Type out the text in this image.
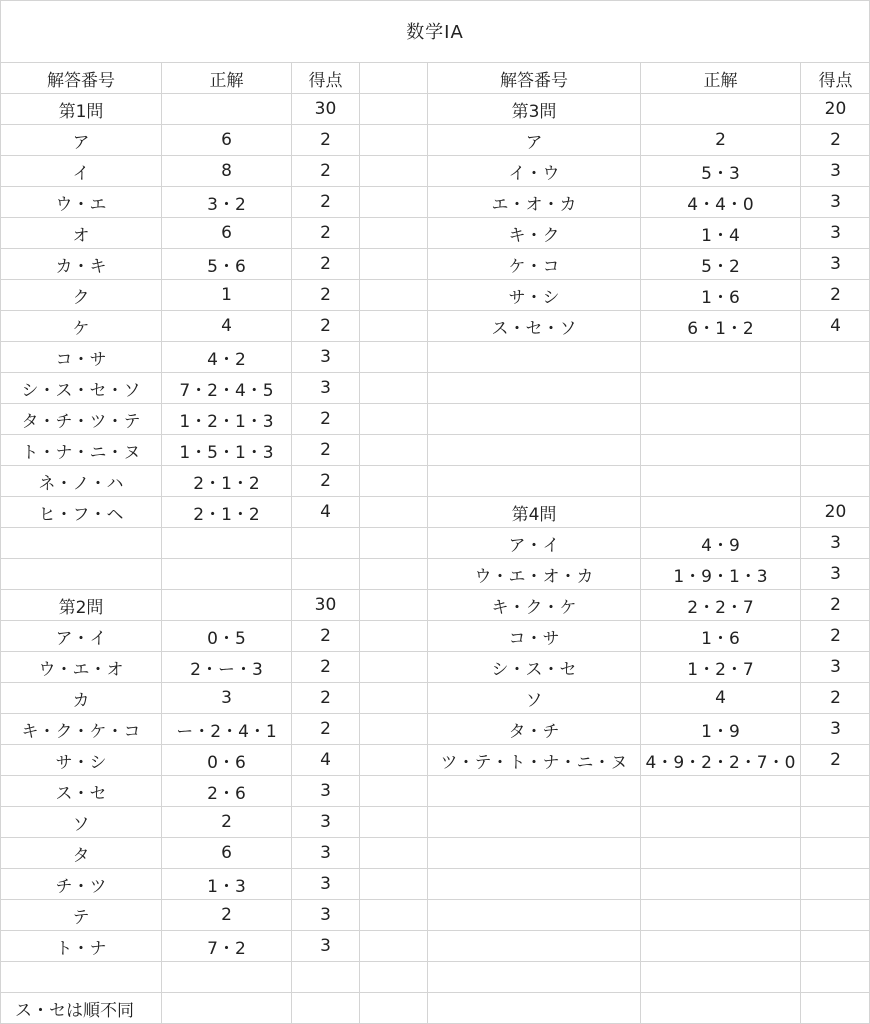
数学ⅠA
解答番号	正解	得点		解答番号	正解	得点
第1問		30		第3問		20
ア	6	2		ア	2	2
イ	8	2		イ・ウ	5・3	3
ウ・エ	3・2	2		エ・オ・カ	4・4・0	3
オ	6	2		キ・ク	1・4	3
カ・キ	5・6	2		ケ・コ	5・2	3
ク	1	2		サ・シ	1・6	2
ケ	4	2		ス・セ・ソ	6・1・2	4
コ・サ	4・2	3				
シ・ス・セ・ソ	7・2・4・5	3				
タ・チ・ツ・テ	1・2・1・3	2				
ト・ナ・ニ・ヌ	1・5・1・3	2				
ネ・ノ・ハ	2・1・2	2				
ヒ・フ・ヘ	2・1・2	4		第4問		20
				ア・イ	4・9	3
				ウ・エ・オ・カ	1・9・1・3	3
第2問		30		キ・ク・ケ	2・2・7	2
ア・イ	0・5	2		コ・サ	1・6	2
ウ・エ・オ	2・ー・3	2		シ・ス・セ	1・2・7	3
カ	3	2		ソ	4	2
キ・ク・ケ・コ	ー・2・4・1	2		タ・チ	1・9	3
サ・シ	0・6	4		ツ・テ・ト・ナ・ニ・ヌ	4・9・2・2・7・0	2
ス・セ	2・6	3				
ソ	2	3				
タ	6	3				
チ・ツ	1・3	3				
テ	2	3				
ト・ナ	7・2	3				

ス・セは順不同						
